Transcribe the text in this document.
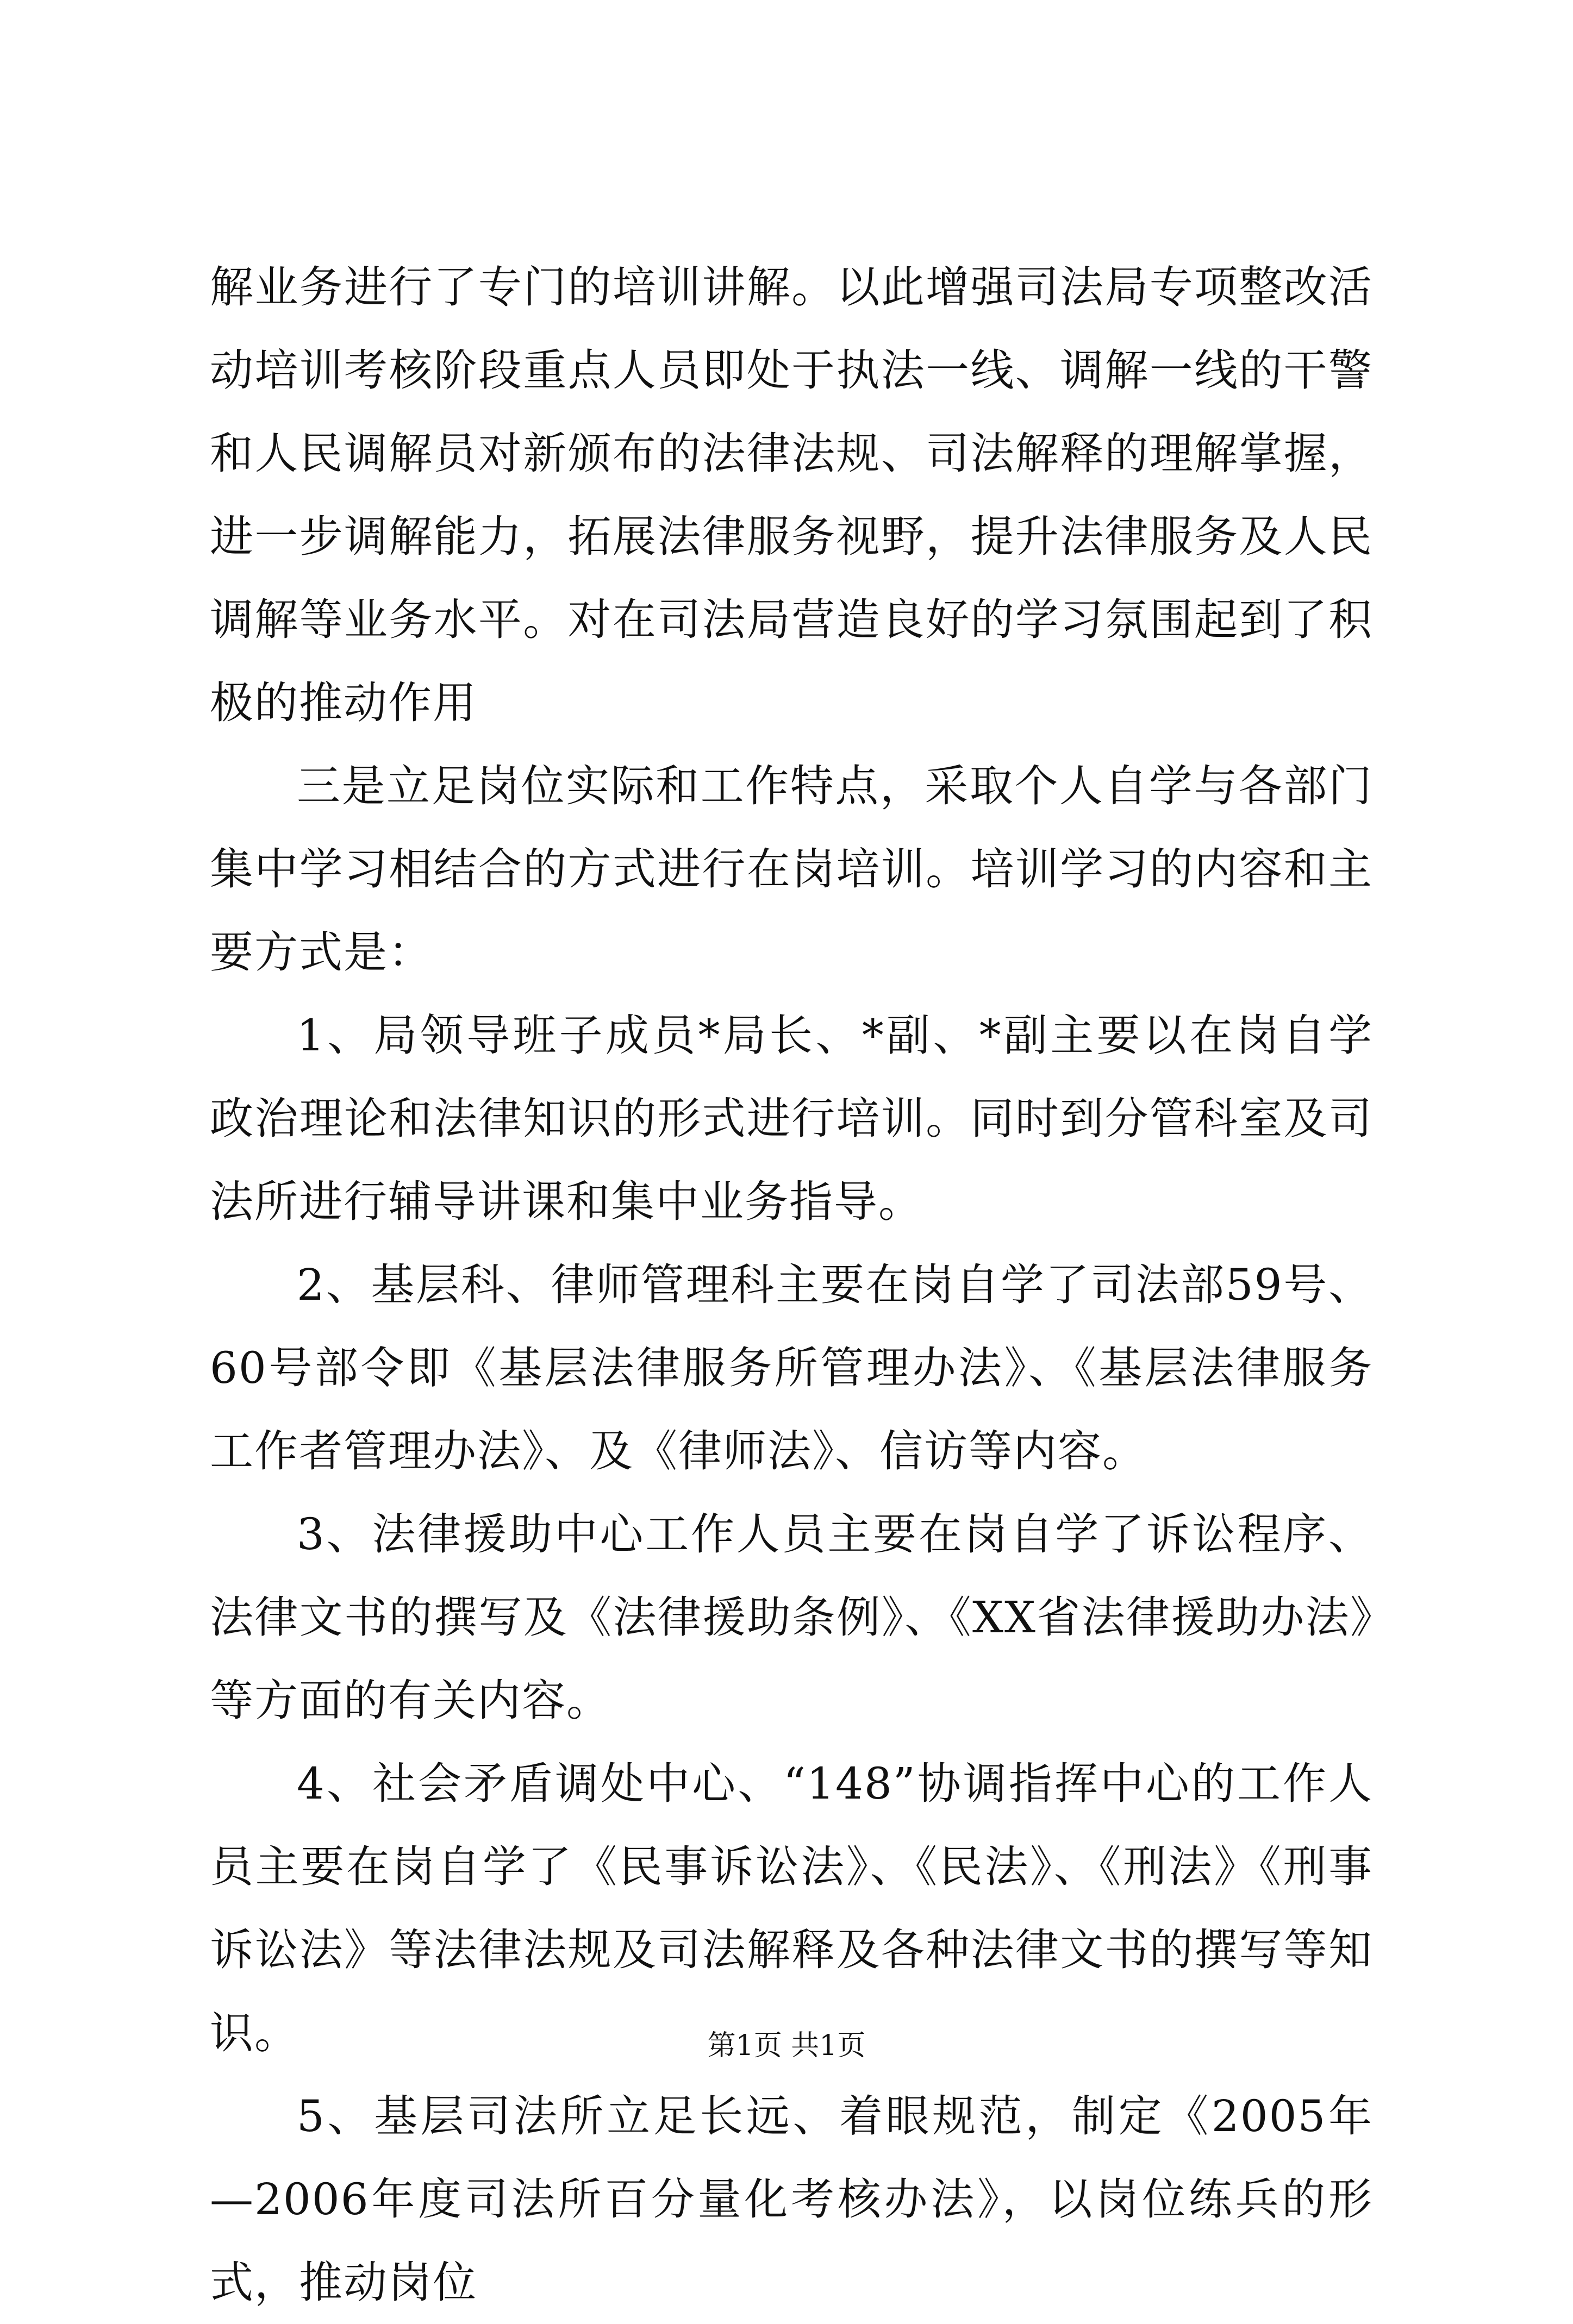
解业务进行了专门的培训讲解。以此增强司法局专项整改活动培训考核阶段重点人员即处于执法一线、调解一线的干警和人民调解员对新颁布的法律法规、司法解释的理解掌握，进一步调解能力，拓展法律服务视野，提升法律服务及人民调解等业务水平。对在司法局营造良好的学习氛围起到了积极的推动作用

三是立足岗位实际和工作特点，采取个人自学与各部门集中学习相结合的方式进行在岗培训。培训学习的内容和主要方式是：

1、局领导班子成员*局长、*副、*副主要以在岗自学政治理论和法律知识的形式进行培训。同时到分管科室及司法所进行辅导讲课和集中业务指导。

2、基层科、律师管理科主要在岗自学了司法部59号、60号部令即《基层法律服务所管理办法》、《基层法律服务工作者管理办法》、及《律师法》、信访等内容。

3、法律援助中心工作人员主要在岗自学了诉讼程序、法律文书的撰写及《法律援助条例》、《XX省法律援助办法》等方面的有关内容。

4、社会矛盾调处中心、“148”协调指挥中心的工作人员主要在岗自学了《民事诉讼法》、《民法》、《刑法》《刑事诉讼法》等法律法规及司法解释及各种法律文书的撰写等知识。

5、基层司法所立足长远、着眼规范，制定《2005年—2006年度司法所百分量化考核办法》，以岗位练兵的形式，推动岗位

第1页 共1页
